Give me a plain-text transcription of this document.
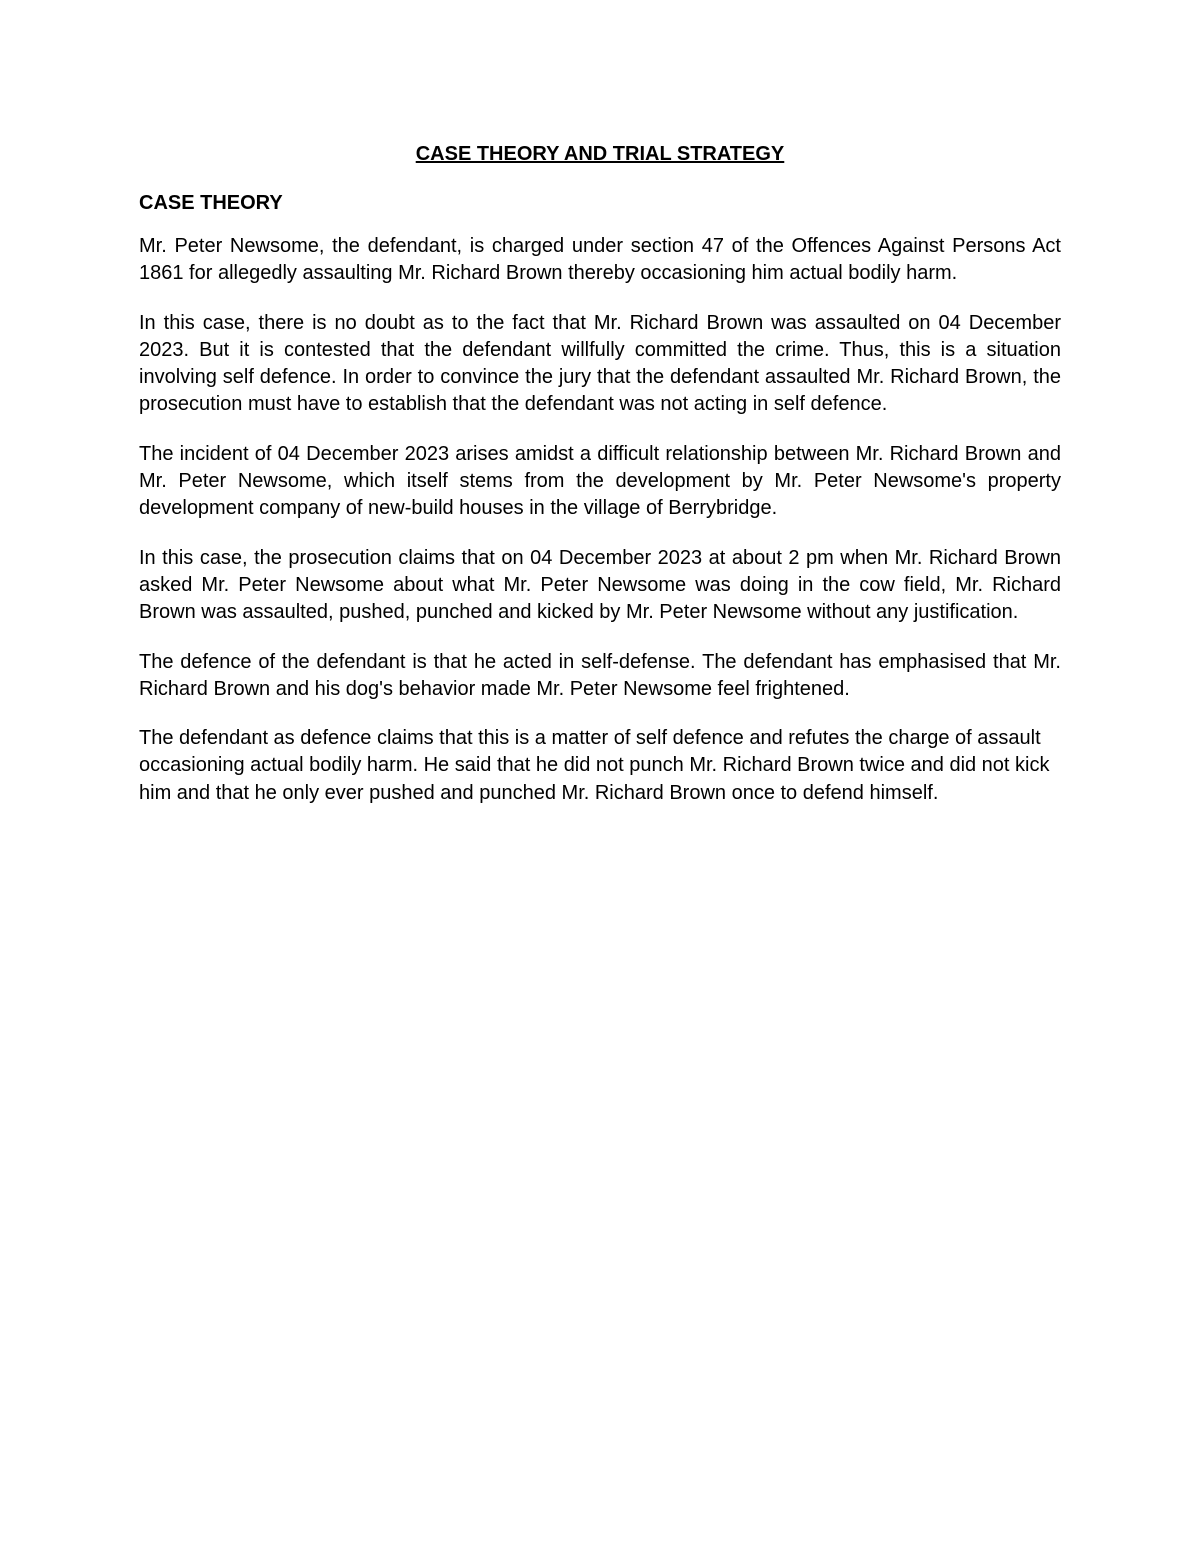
CASE THEORY AND TRIAL STRATEGY
CASE THEORY

Mr. Peter Newsome, the defendant, is charged under section 47 of the Offences Against Persons Act 1861 for allegedly assaulting Mr. Richard Brown thereby occasioning him actual bodily harm.

In this case, there is no doubt as to the fact that Mr. Richard Brown was assaulted on 04 December 2023. But it is contested that the defendant willfully committed the crime. Thus, this is a situation involving self defence. In order to convince the jury that the defendant assaulted Mr. Richard Brown, the prosecution must have to establish that the defendant was not acting in self defence.

The incident of 04 December 2023 arises amidst a difficult relationship between Mr. Richard Brown and Mr. Peter Newsome, which itself stems from the development by Mr. Peter Newsome's property development company of new-build houses in the village of Berrybridge.

In this case, the prosecution claims that on 04 December 2023 at about 2 pm when Mr. Richard Brown asked Mr. Peter Newsome about what Mr. Peter Newsome was doing in the cow field, Mr. Richard Brown was assaulted, pushed, punched and kicked by Mr. Peter Newsome without any justification.

The defence of the defendant is that he acted in self-defense. The defendant has emphasised that Mr. Richard Brown and his dog's behavior made Mr. Peter Newsome feel frightened.

The defendant as defence claims that this is a matter of self defence and refutes the charge of assault occasioning actual bodily harm. He said that he did not punch Mr. Richard Brown twice and did not kick him and that he only ever pushed and punched Mr. Richard Brown once to defend himself.
